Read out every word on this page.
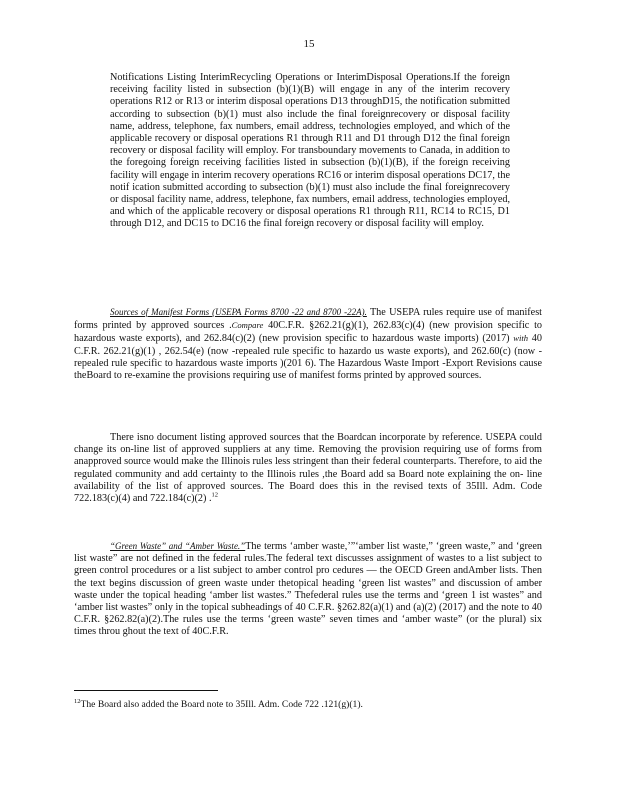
15

Notifications Listing InterimRecycling Operations or InterimDisposal Operations.If the foreign receiving facility listed in subsection (b)(1)(B) will engage in any of the interim recovery operations R12 or R13 or interim disposal operations D13 throughD15, the notification submitted according to subsection (b)(1) must also include the final foreignrecovery or disposal facility name, address, telephone, fax numbers, email address, technologies employed, and which of the applicable recovery or disposal operations R1 through R11 and D1 through D12 the final foreign recovery or disposal facility will employ. For transboundary movements to Canada, in addition to the foregoing foreign receiving facilities listed in subsection (b)(1)(B), if the foreign receiving facility will engage in interim recovery operations RC16 or interim disposal operations DC17, the notif ication submitted according to subsection (b)(1) must also include the final foreignrecovery or disposal facility name, address, telephone, fax numbers, email address, technologies employed, and which of the applicable recovery or disposal operations R1 through R11, RC14 to RC15, D1 through D12, and DC15 to DC16 the final foreign recovery or disposal facility will employ.

Sources of Manifest Forms (USEPA Forms 8700 -22 and 8700 -22A). The USEPA rules require use of manifest forms printed by approved sources .Compare 40C.F.R. §262.21(g)(1), 262.83(c)(4) (new provision specific to hazardous waste exports), and 262.84(c)(2) (new provision specific to hazardous waste imports) (2017) with 40 C.F.R. 262.21(g)(1) , 262.54(e) (now -repealed rule specific to hazardo us waste exports), and 262.60(c) (now -repealed rule specific to hazardous waste imports )(201 6). The Hazardous Waste Import -Export Revisions cause theBoard to re-examine the provisions requiring use of manifest forms printed by approved sources.

There isno document listing approved sources that the Boardcan incorporate by reference. USEPA could change its on-line list of approved suppliers at any time. Removing the provision requiring use of forms from anapproved source would make the Illinois rules less stringent than their federal counterparts. Therefore, to aid the regulated community and add certainty to the Illinois rules ,the Board add sa Board note explaining the on- line availability of the list of approved sources. The Board does this in the revised texts of 35Ill. Adm. Code 722.183(c)(4) and 722.184(c)(2) .$^{12}$

“Green Waste” and “Amber Waste.”The terms ‘amber waste,’”‘amber list waste,” ‘green waste,” and ‘green list waste” are not defined in the federal rules.The federal text discusses assignment of wastes to a list subject to green control procedures or a list subject to amber control pro cedures — the OECD Green andAmber lists. Then the text begins discussion of green waste under thetopical heading ‘green list wastes” and discussion of amber waste under the topical heading ‘amber list wastes.” Thefederal rules use the terms and ‘green 1 ist wastes” and ‘amber list wastes” only in the topical subheadings of 40 C.F.R. §262.82(a)(1) and (a)(2) (2017) and the note to 40 C.F.R. §262.82(a)(2).The rules use the terms ‘green waste” seven times and ‘amber waste” (or the plural) six times throu ghout the text of 40C.F.R.

$^{12}$The Board also added the Board note to 35Ill. Adm. Code 722 .121(g)(1).
